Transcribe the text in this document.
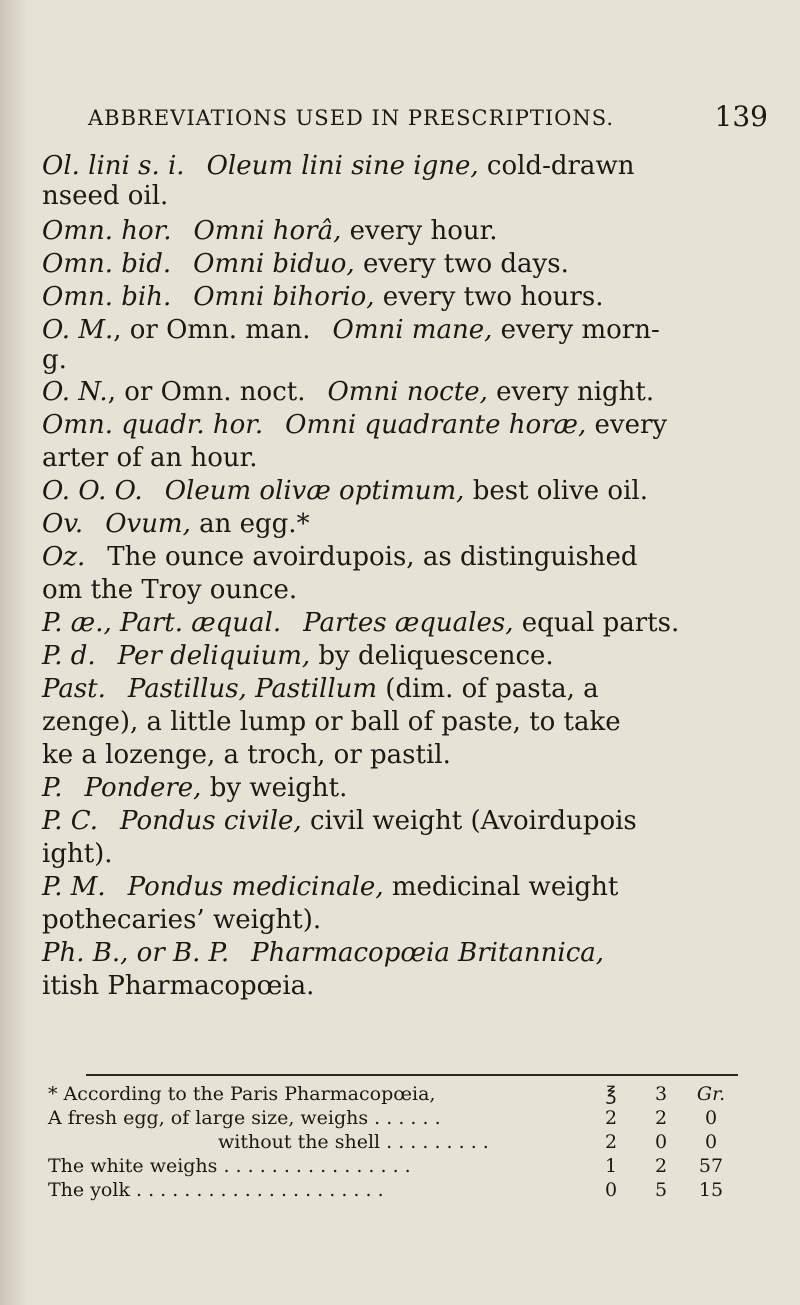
ABBREVIATIONS USED IN PRESCRIPTIONS.	139
Ol. lini s. i. Oleum lini sine igne, cold-drawn
nseed oil.
Omn. hor. Omni horâ, every hour.
Omn. bid. Omni biduo, every two days.
Omn. bih. Omni bihorio, every two hours.
O. M., or Omn. man. Omni mane, every morn-
g.
O. N., or Omn. noct. Omni nocte, every night.
Omn. quadr. hor. Omni quadrante horæ, every
arter of an hour.
O. O. O. Oleum olivæ optimum, best olive oil.
Ov. Ovum, an egg.*
Oz. The ounce avoirdupois, as distinguished
om the Troy ounce.
P. æ., Part. æqual. Partes æquales, equal parts.
P. d. Per deliquium, by deliquescence.
Past. Pastillus, Pastillum (dim. of pasta, a
zenge), a little lump or ball of paste, to take
ke a lozenge, a troch, or pastil.
P. Pondere, by weight.
P. C. Pondus civile, civil weight (Avoirdupois
ight).
P. M. Pondus medicinale, medicinal weight
pothecaries’ weight).
Ph. B., or B. P. Pharmacopœia Britannica,
itish Pharmacopœia.
* According to the Paris Pharmacopœia,	℥	3	Gr.
A fresh egg, of large size, weighs . . . . . .	2	2	0
without the shell . . . . . . . . .	2	0	0
The white weighs . . . . . . . . . . . . . . . .	1	2	57
The yolk . . . . . . . . . . . . . . . . . . . . .	0	5	15
